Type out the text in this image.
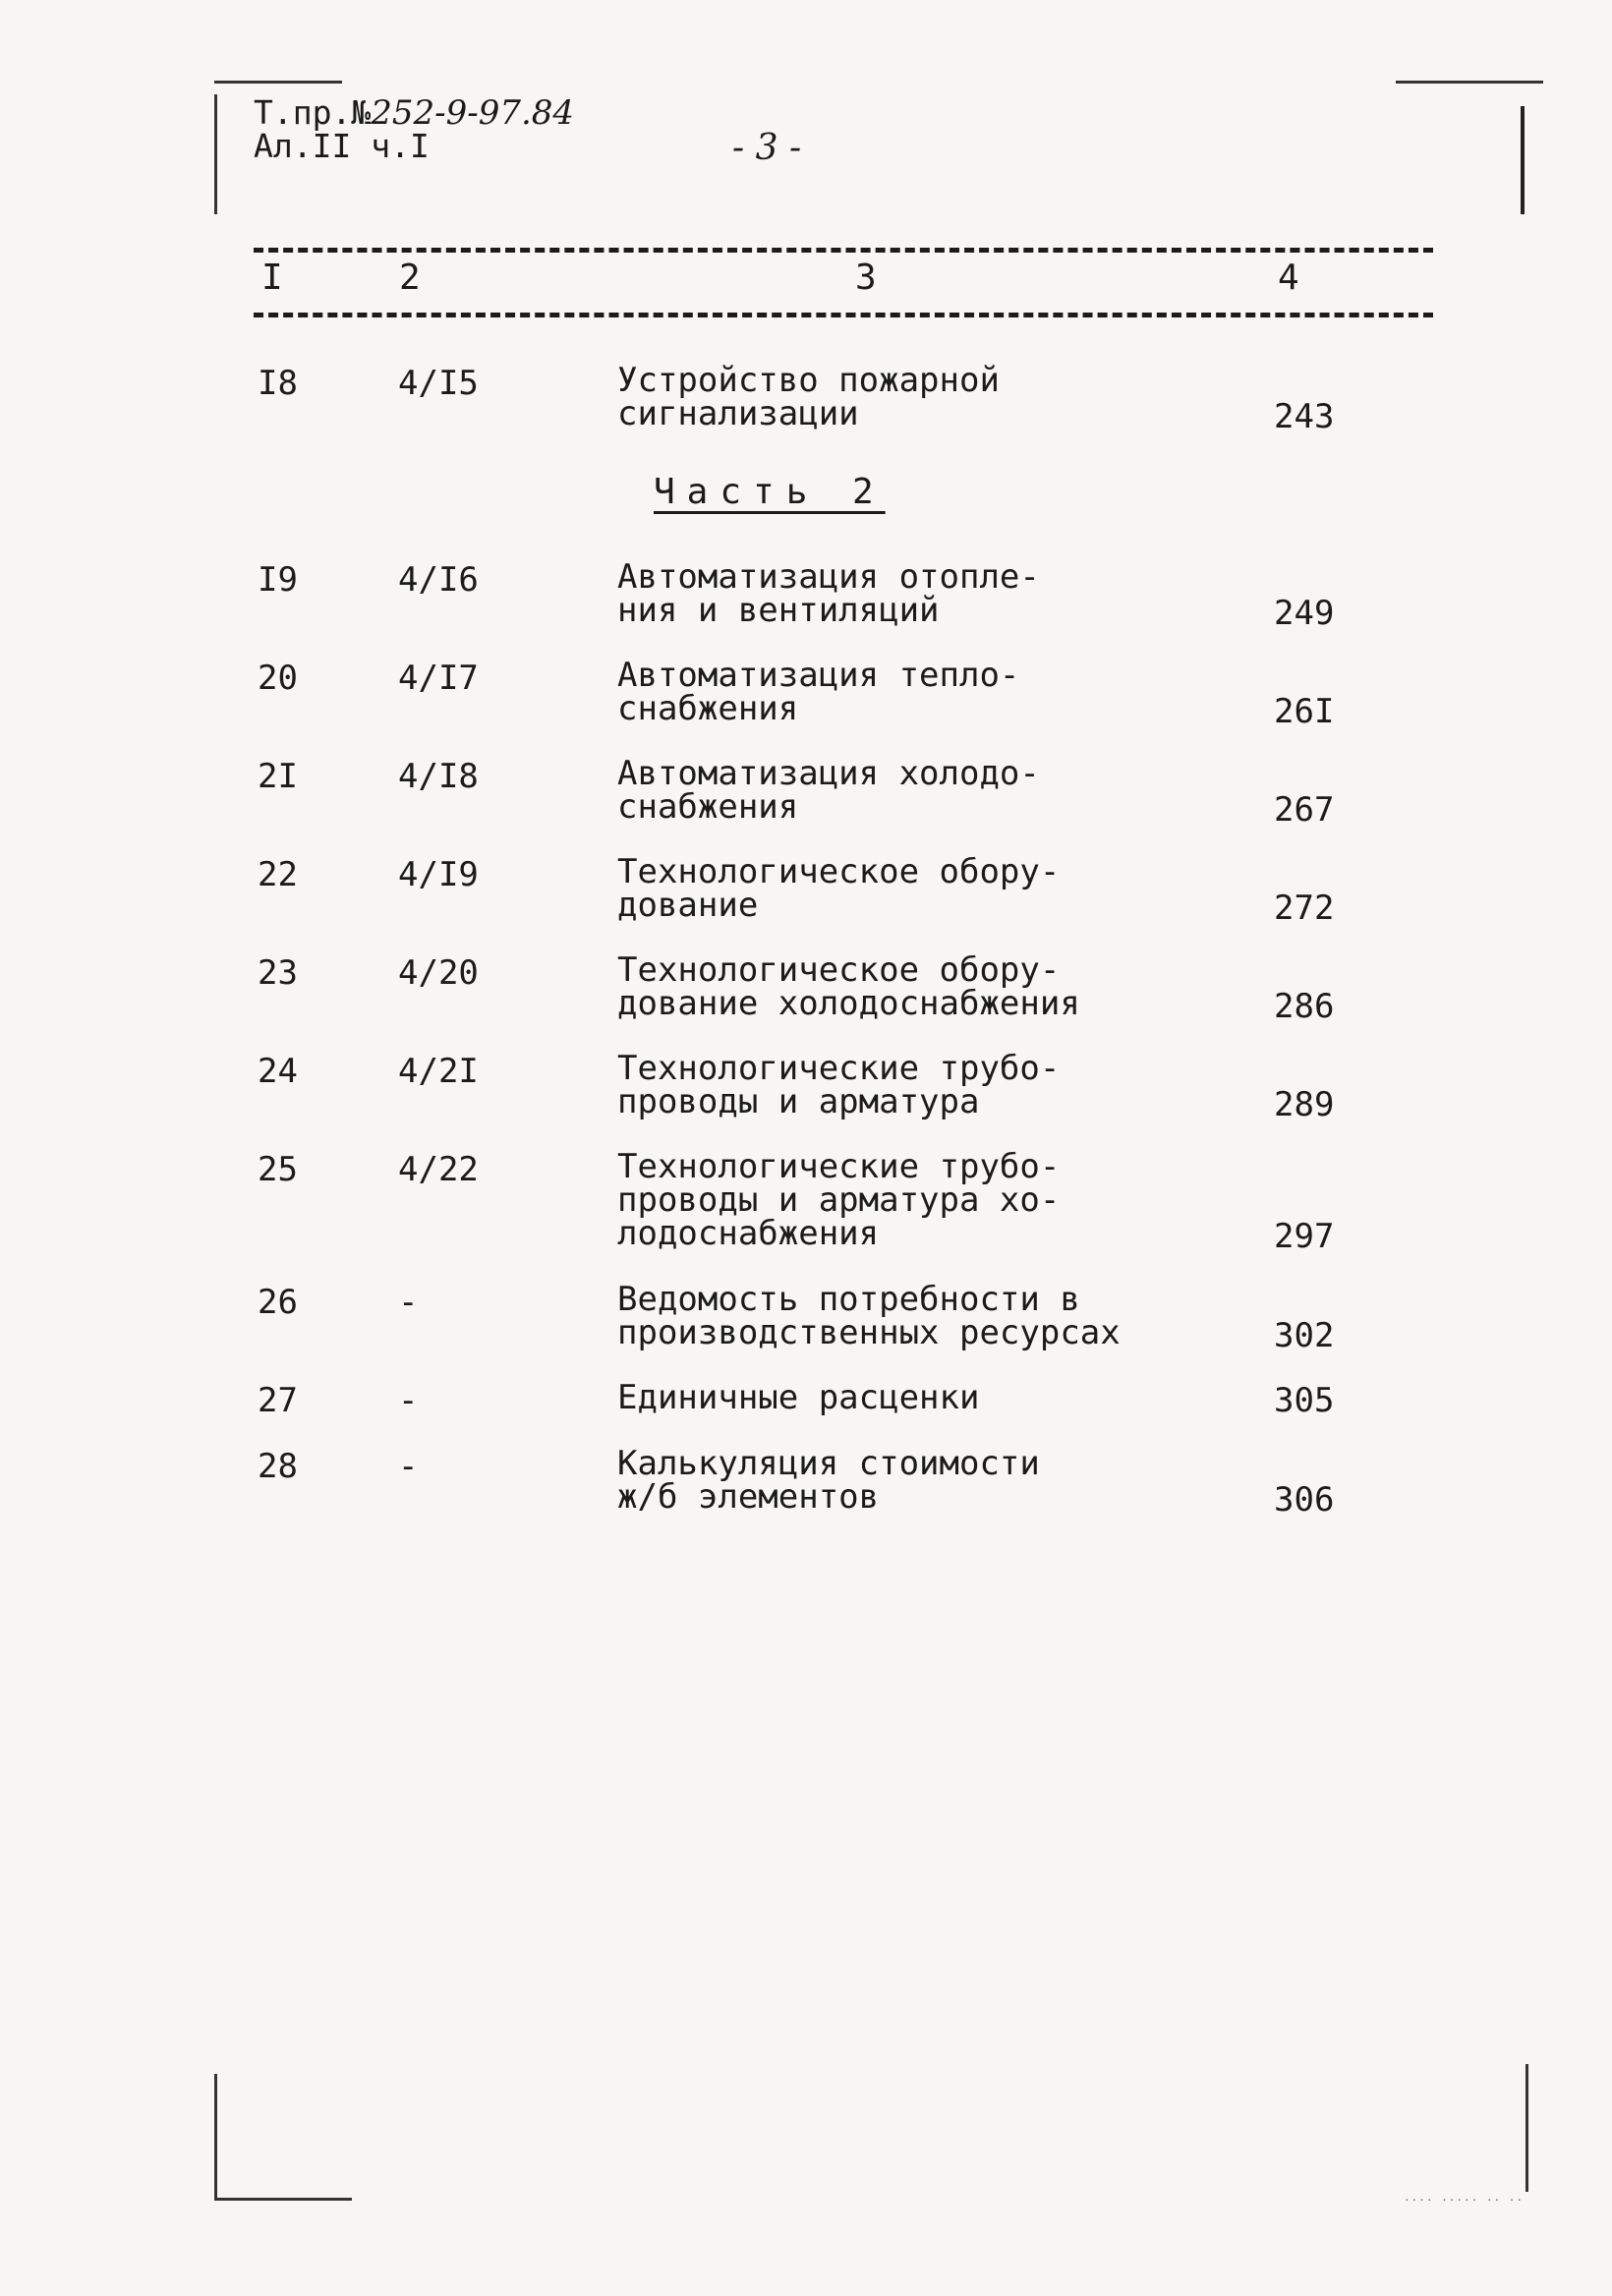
Т.пр.№252-9-97.84
Ал.II ч.I	- 3 -
I	2	3	4
Часть 2
I8	4/I5	Устройство пожарной
сигнализации	243
I9	4/I6	Автоматизация отопле-
ния и вентиляций	249
20	4/I7	Автоматизация тепло-
снабжения	26I
2I	4/I8	Автоматизация холодо-
снабжения	267
22	4/I9	Технологическое обору-
дование	272
23	4/20	Технологическое обору-
дование холодоснабжения	286
24	4/2I	Технологические трубо-
проводы и арматура	289
25	4/22	Технологические трубо-
проводы и арматура хо-
лодоснабжения	297
26	-	Ведомость потребности в
производственных ресурсах	302
27	-	Единичные расценки	305
28	-	Калькуляция стоимости
ж/б элементов	306
···· ····· ·· ··
